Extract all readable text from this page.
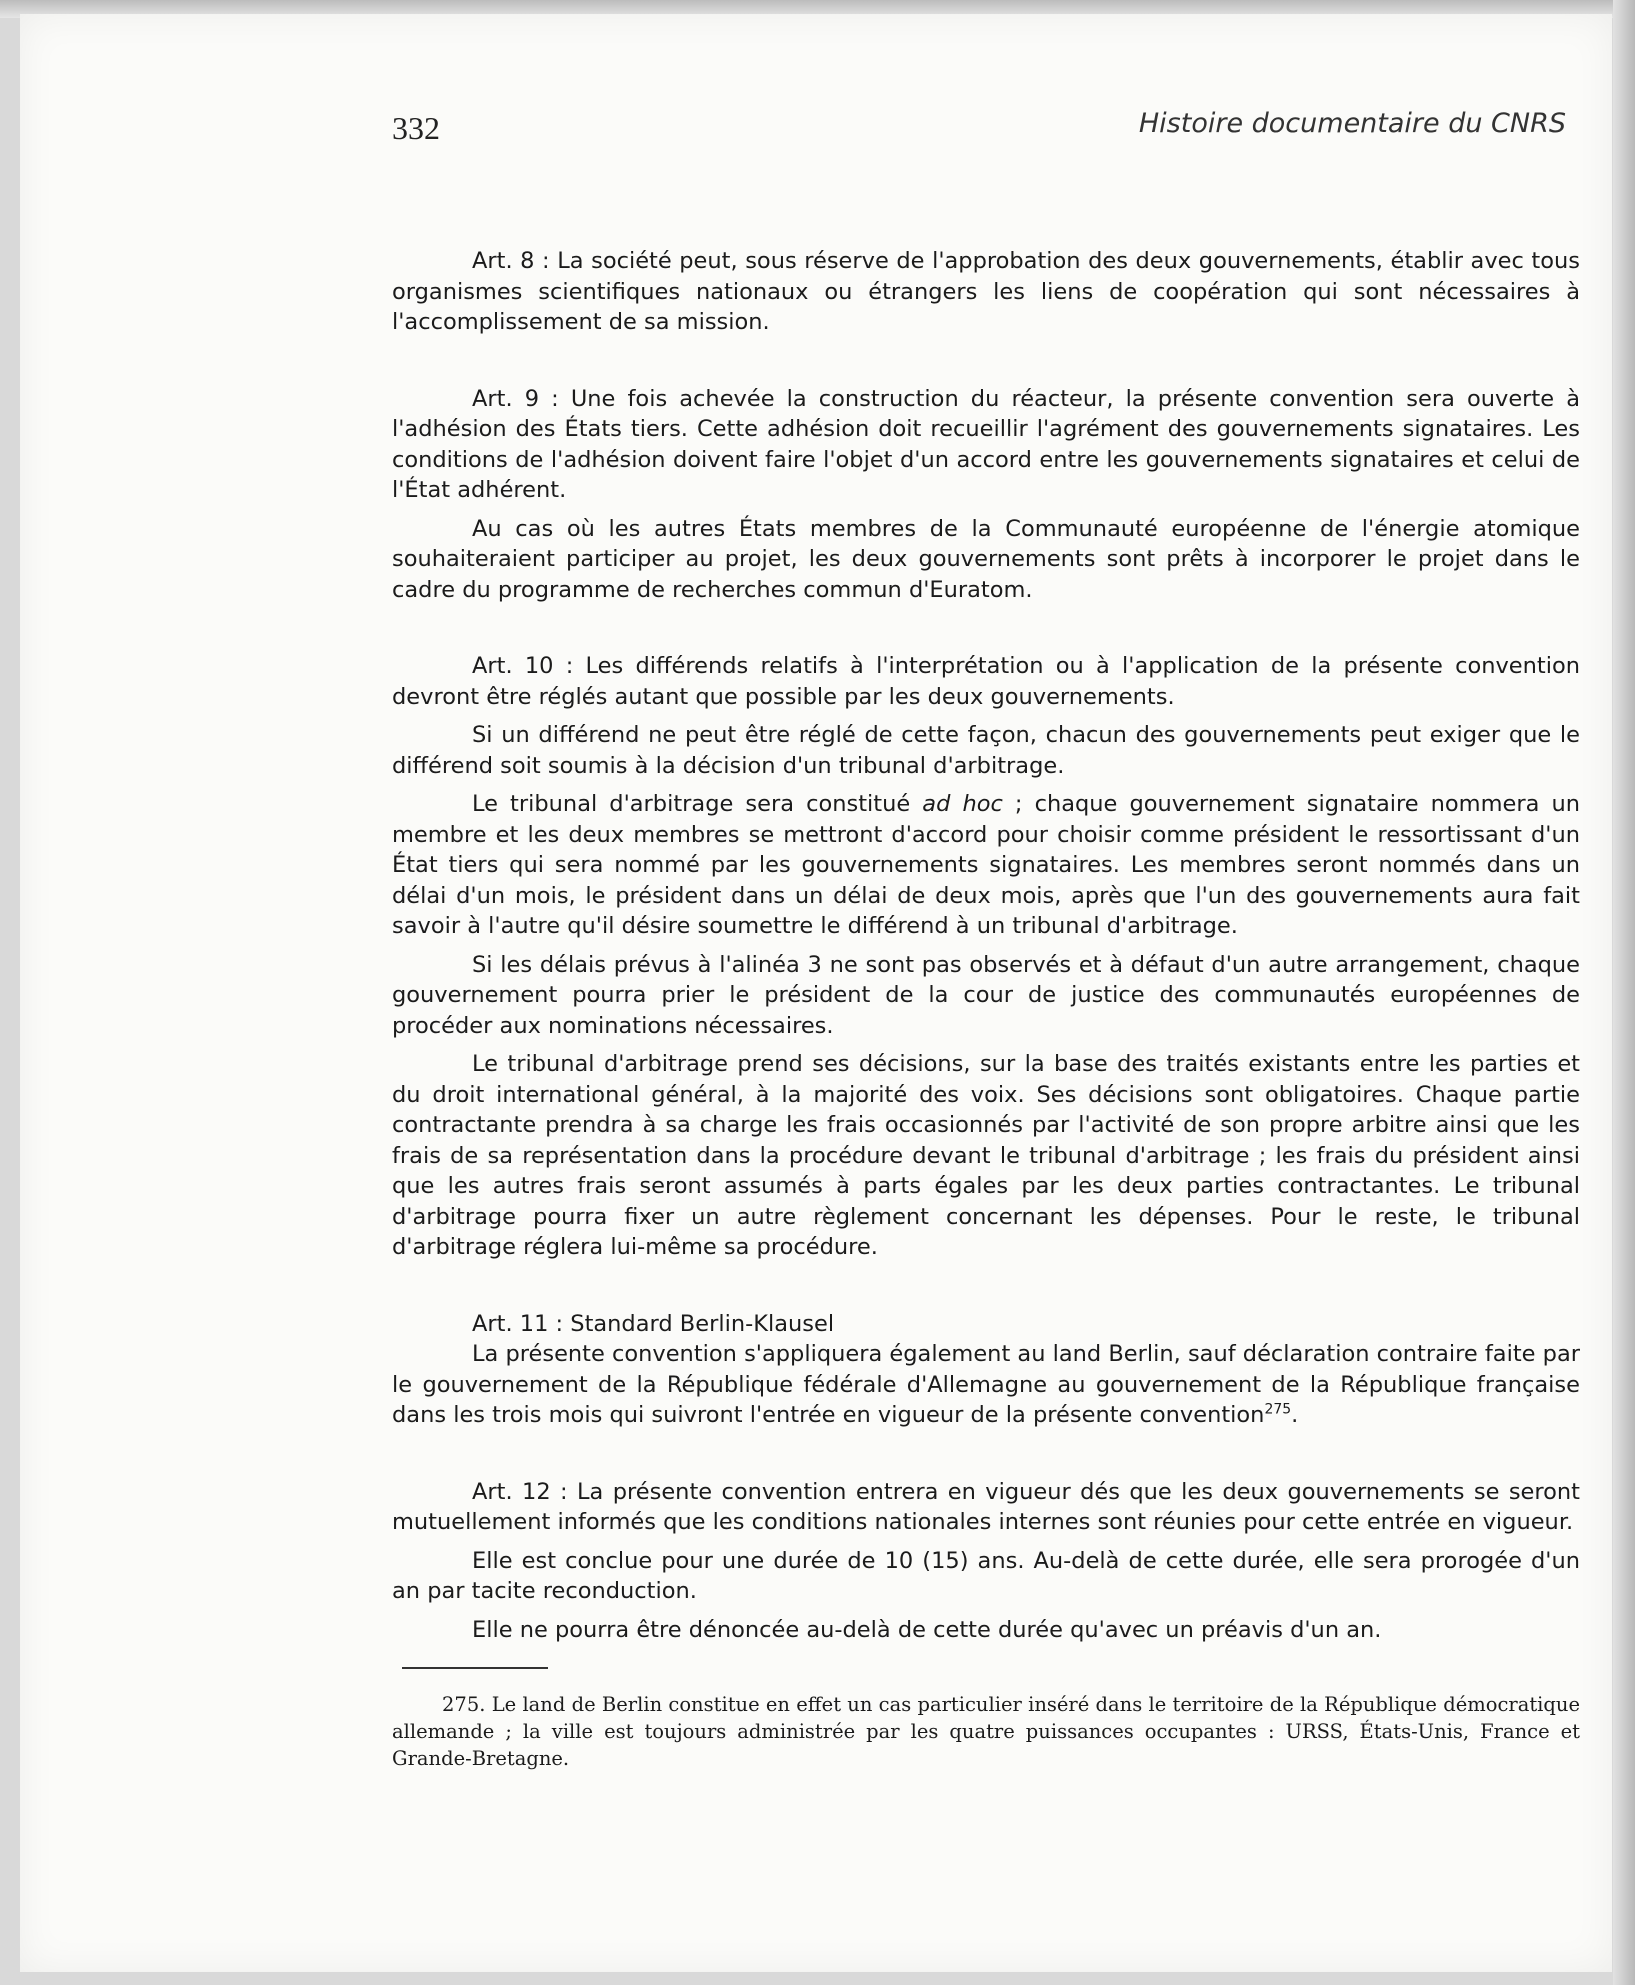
332	Histoire documentaire du CNRS

Art. 8 : La société peut, sous réserve de l'approbation des deux gouvernements, établir avec tous organismes scientifiques nationaux ou étrangers les liens de coopération qui sont nécessaires à l'accomplissement de sa mission.

Art. 9 : Une fois achevée la construction du réacteur, la présente convention sera ouverte à l'adhésion des États tiers. Cette adhésion doit recueillir l'agrément des gouvernements signataires. Les conditions de l'adhésion doivent faire l'objet d'un accord entre les gouvernements signataires et celui de l'État adhérent.

Au cas où les autres États membres de la Communauté européenne de l'énergie atomique souhaiteraient participer au projet, les deux gouvernements sont prêts à incorporer le projet dans le cadre du programme de recherches commun d'Euratom.

Art. 10 : Les différends relatifs à l'interprétation ou à l'application de la présente convention devront être réglés autant que possible par les deux gouvernements.

Si un différend ne peut être réglé de cette façon, chacun des gouvernements peut exiger que le différend soit soumis à la décision d'un tribunal d'arbitrage.

Le tribunal d'arbitrage sera constitué ad hoc ; chaque gouvernement signataire nommera un membre et les deux membres se mettront d'accord pour choisir comme président le ressortissant d'un État tiers qui sera nommé par les gouvernements signataires. Les membres seront nommés dans un délai d'un mois, le président dans un délai de deux mois, après que l'un des gouvernements aura fait savoir à l'autre qu'il désire soumettre le différend à un tribunal d'arbitrage.

Si les délais prévus à l'alinéa 3 ne sont pas observés et à défaut d'un autre arrangement, chaque gouvernement pourra prier le président de la cour de justice des communautés européennes de procéder aux nominations nécessaires.

Le tribunal d'arbitrage prend ses décisions, sur la base des traités existants entre les parties et du droit international général, à la majorité des voix. Ses décisions sont obligatoires. Chaque partie contractante prendra à sa charge les frais occasionnés par l'activité de son propre arbitre ainsi que les frais de sa représentation dans la procédure devant le tribunal d'arbitrage ; les frais du président ainsi que les autres frais seront assumés à parts égales par les deux parties contractantes. Le tribunal d'arbitrage pourra fixer un autre règlement concernant les dépenses. Pour le reste, le tribunal d'arbitrage réglera lui-même sa procédure.

Art. 11 : Standard Berlin-Klausel

La présente convention s'appliquera également au land Berlin, sauf déclaration contraire faite par le gouvernement de la République fédérale d'Allemagne au gouvernement de la République française dans les trois mois qui suivront l'entrée en vigueur de la présente convention$^{275}$.

Art. 12 : La présente convention entrera en vigueur dés que les deux gouvernements se seront mutuellement informés que les conditions nationales internes sont réunies pour cette entrée en vigueur.

Elle est conclue pour une durée de 10 (15) ans. Au-delà de cette durée, elle sera prorogée d'un an par tacite reconduction.

Elle ne pourra être dénoncée au-delà de cette durée qu'avec un préavis d'un an.

275. Le land de Berlin constitue en effet un cas particulier inséré dans le territoire de la République démocratique allemande ; la ville est toujours administrée par les quatre puissances occupantes : URSS, États-Unis, France et Grande-Bretagne.
